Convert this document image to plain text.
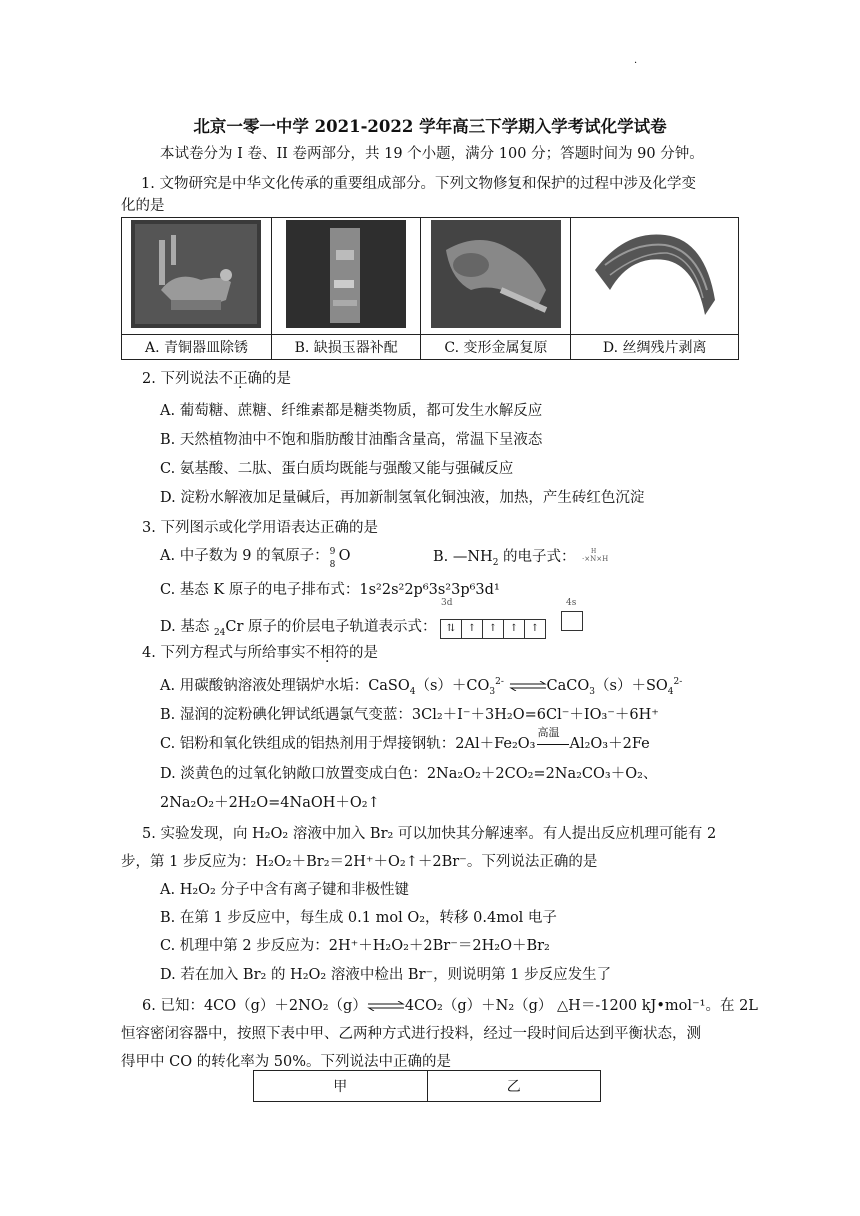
·
北京一零一中学 2021-2022 学年高三下学期入学考试化学试卷
本试卷分为 I 卷、II 卷两部分，共 19 个小题，满分 100 分；答题时间为 90 分钟。
1. 文物研究是中华文化传承的重要组成部分。下列文物修复和保护的过程中涉及化学变
化的是

A. 青铜器皿除锈	B. 缺损玉器补配	C. 变形金属复原	D. 丝绸残片剥离
2. 下列说法不正确的是
A. 葡萄糖、蔗糖、纤维素都是糖类物质，都可发生水解反应
B. 天然植物油中不饱和脂肪酸甘油酯含量高，常温下呈液态
C. 氨基酸、二肽、蛋白质均既能与强酸又能与强碱反应
D. 淀粉水解液加足量碱后，再加新制氢氧化铜浊液，加热，产生砖红色沉淀
3. 下列图示或化学用语表达正确的是
A. 中子数为 9 的氧原子： 9
8
O	B. $—NH_2$ 的电子式：	H
·×N×H
C. 基态 K 原子的电子排布式：1s²2s²2p⁶3s²3p⁶3d¹
D. 基态 $_{24}$Cr 原子的价层电子轨道表示式：
3d	4s
⇅ ↑ ↑ ↑ ↑
4. 下列方程式与所给事实不相符的是
A. 用碳酸钠溶液处理锅炉水垢：$CaSO_4(s)+CO_3^{2-}$ $\rightleftharpoons CaCO_3(s)+SO_4^{2-}$
B. 湿润的淀粉碘化钾试纸遇氯气变蓝：3Cl₂＋I⁻＋3H₂O=6Cl⁻＋IO₃⁻＋6H⁺
C. 铝粉和氧化铁组成的铝热剂用于焊接钢轨：2Al＋Fe₂O₃
高温
Al₂O₃＋2Fe
D. 淡黄色的过氧化钠敞口放置变成白色：2Na₂O₂＋2CO₂=2Na₂CO₃＋O₂、
2Na₂O₂＋2H₂O=4NaOH＋O₂↑
5. 实验发现，向 H₂O₂ 溶液中加入 Br₂ 可以加快其分解速率。有人提出反应机理可能有 2
步，第 1 步反应为：H₂O₂＋Br₂＝2H⁺＋O₂↑＋2Br⁻。下列说法正确的是
A. H₂O₂ 分子中含有离子键和非极性键
B. 在第 1 步反应中，每生成 0.1 mol O₂，转移 0.4mol 电子
C. 机理中第 2 步反应为：2H⁺＋H₂O₂＋2Br⁻＝2H₂O＋Br₂
D. 若在加入 Br₂ 的 H₂O₂ 溶液中检出 Br⁻，则说明第 1 步反应发生了
6. 已知：4CO（g）＋2NO₂（g）⇌4CO₂（g）＋N₂（g） △H＝-1200 kJ•mol⁻¹。在 2L
恒容密闭容器中，按照下表中甲、乙两种方式进行投料，经过一段时间后达到平衡状态，测
得甲中 CO 的转化率为 50%。下列说法中正确的是
甲	乙
